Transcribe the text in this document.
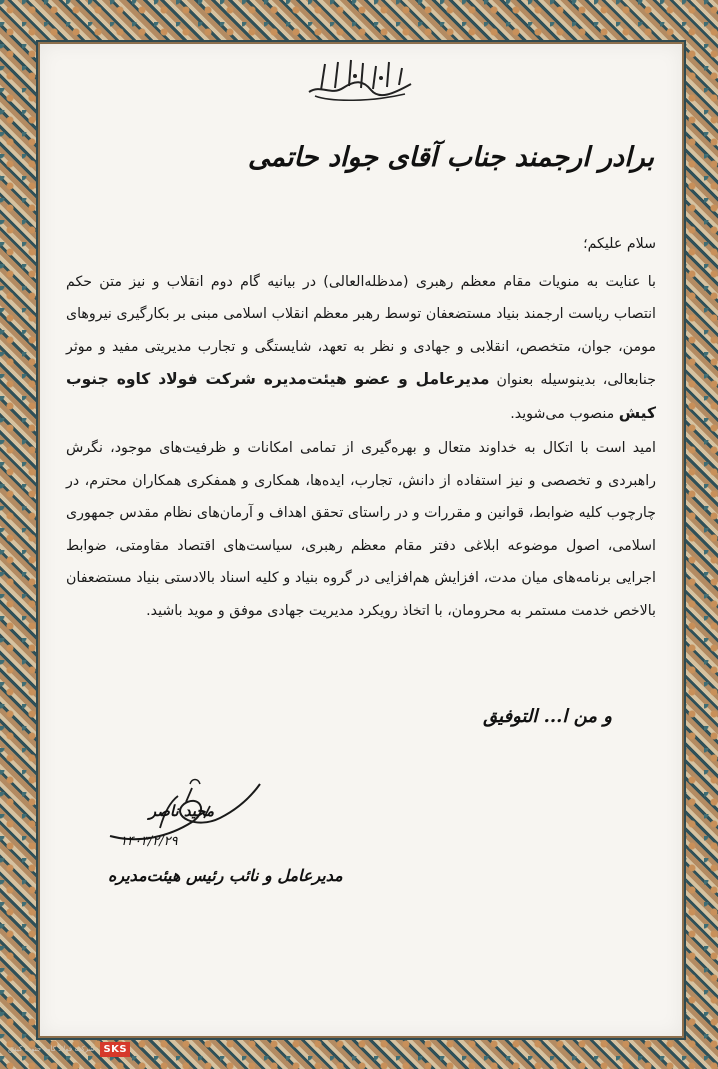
برادر ارجمند جناب آقای جواد حاتمی

سلام علیکم؛

با عنایت به منویات مقام معظم رهبری (مدظله‌العالی) در بیانیه گام دوم انقلاب و نیز متن حکم انتصاب ریاست ارجمند بنیاد مستضعفان توسط رهبر معظم انقلاب اسلامی مبنی بر بکارگیری نیروهای مومن، جوان، متخصص، انقلابی و جهادی و نظر به تعهد، شایستگی و تجارب مدیریتی مفید و موثر جنابعالی، بدینوسیله بعنوان مدیرعامل و عضو هیئت‌مدیره شرکت فولاد کاوه جنوب کیش منصوب می‌شوید.

امید است با اتکال به خداوند متعال و بهره‌گیری از تمامی امکانات و ظرفیت‌های موجود، نگرش راهبردی و تخصصی و نیز استفاده از دانش، تجارب، ایده‌ها، همکاری و همفکری همکاران محترم، در چارچوب کلیه ضوابط، قوانین و مقررات و در راستای تحقق اهداف و آرمان‌های نظام مقدس جمهوری اسلامی، اصول موضوعه ابلاغی دفتر مقام معظم رهبری، سیاست‌های اقتصاد مقاومتی، ضوابط اجرایی برنامه‌های میان مدت، افزایش هم‌افزایی در گروه بنیاد و کلیه اسناد بالادستی بنیاد مستضعفان بالاخص خدمت مستمر به محرومان، با اتخاذ رویکرد مدیریت جهادی موفق و موید باشید.

و من ا... التوفیق
محید ناصر
۱۴۰۳/۲/۲۹
مدیرعامل و نائب رئیس هیئت‌مدیره
شرکت فولاد کاوه جنوب کیش SKS
